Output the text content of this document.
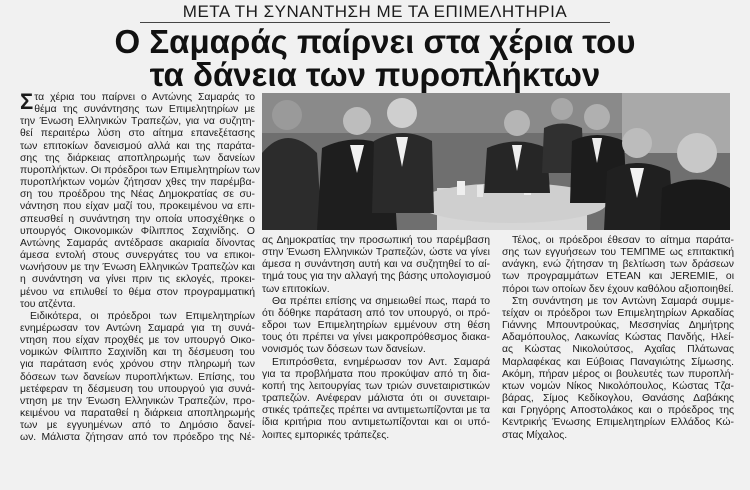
ΜΕΤΑ ΤΗ ΣΥΝΑΝΤΗΣΗ ΜΕ ΤΑ ΕΠΙΜΕΛΗΤΗΡΙΑ
Ο Σαμαράς παίρνει στα χέρια του
τα δάνεια των πυροπλήκτων
Σ τα χέρια του παίρνει ο Αντώνης Σαμαράς το
θέμα της συνάντησης των Επιμελητηρίων με
την Ένωση Ελληνικών Τραπεζών, για να συζητη-
θεί περαιτέρω λύση στο αίτημα επανεξέτασης
των επιτοκίων δανεισμού αλλά και της παράτα-
σης της διάρκειας αποπληρωμής των δανείων
πυροπλήκτων. Οι πρόεδροι των Επιμελητηρίων των
πυροπλήκτων νομών ζήτησαν χθες την παρέμβα-
ση του προέδρου της Νέας Δημοκρατίας σε συ-
νάντηση που είχαν μαζί του, προκειμένου να επι-
σπευσθεί η συνάντηση την οποία υποσχέθηκε ο
υπουργός Οικονομικών Φίλιππος Σαχινίδης. Ο
Αντώνης Σαμαράς αντέδρασε ακαριαία δίνοντας
άμεσα εντολή στους συνεργάτες του να επικοι-
νωνήσουν με την Ένωση Ελληνικών Τραπεζών και
η συνάντηση να γίνει πριν τις εκλογές, προκει-
μένου να επιλυθεί το θέμα στον προγραμματική
του ατζέντα.
Ειδικότερα, οι πρόεδροι των Επιμελητηρίων
ενημέρωσαν τον Αντώνη Σαμαρά για τη συνά-
ντηση που είχαν προχθές με τον υπουργό Οικο-
νομικών Φίλιππο Σαχινίδη και τη δέσμευση του
για παράταση ενός χρόνου στην πληρωμή των
δόσεων των δανείων πυροπλήκτων. Επίσης, του
μετέφεραν τη δέσμευση του υπουργού για συνά-
ντηση με την Ένωση Ελληνικών Τραπεζών, προ-
κειμένου να παραταθεί η διάρκεια αποπληρωμής
των με εγγυημένων από το Δημόσιο δανεί-
ων. Μάλιστα ζήτησαν από τον πρόεδρο της Νέ-
ας Δημοκρατίας την προσωπική του παρέμβαση
στην Ένωση Ελληνικών Τραπεζών, ώστε να γίνει
άμεσα η συνάντηση αυτή και να συζητηθεί το αί-
τημά τους για την αλλαγή της βάσης υπολογισμού
των επιτοκίων.
Θα πρέπει επίσης να σημειωθεί πως, παρά το
ότι δόθηκε παράταση από τον υπουργό, οι πρό-
εδροι των Επιμελητηρίων εμμένουν στη θέση
τους ότι πρέπει να γίνει μακροπρόθεσμος διακα-
νονισμός των δόσεων των δανείων.
Επιπρόσθετα, ενημέρωσαν τον Αντ. Σαμαρά
για τα προβλήματα που προκύψαν από τη δια-
κοπή της λειτουργίας των τριών συνεταιριστικών
τραπεζών. Ανέφεραν μάλιστα ότι οι συνεταιρι-
στικές τράπεζες πρέπει να αντιμετωπίζονται με τα
ίδια κριτήρια που αντιμετωπίζονται και οι υπό-
λοιπες εμπορικές τράπεζες.
Τέλος, οι πρόεδροι έθεσαν το αίτημα παράτα-
σης των εγγυήσεων του ΤΕΜΠΜΕ ως επιτακτική
ανάγκη, ενώ ζήτησαν τη βελτίωση των δράσεων
των προγραμμάτων ΕΤΕΑΝ και JEREMIE, οι
πόροι των οποίων δεν έχουν καθόλου αξιοποιηθεί.
Στη συνάντηση με τον Αντώνη Σαμαρά συμμε-
τείχαν οι πρόεδροι των Επιμελητηρίων Αρκαδίας
Γιάννης Μπουντρούκας, Μεσσηνίας Δημήτρης
Αδαμόπουλος, Λακωνίας Κώστας Πανδής, Ηλεί-
ας Κώστας Νικολούτσος, Αχαΐας Πλάτωνας
Μαρλαφέκας και Εύβοιας Παναγιώτης Σίμωσης.
Ακόμη, πήραν μέρος οι βουλευτές των πυροπλή-
κτων νομών Νίκος Νικολόπουλος, Κώστας Τζα-
βάρας, Σίμος Κεδίκογλου, Θανάσης Δαβάκης
και Γρηγόρης Αποστολάκος και ο πρόεδρος της
Κεντρικής Ένωσης Επιμελητηρίων Ελλάδος Κώ-
στας Μίχαλος.
